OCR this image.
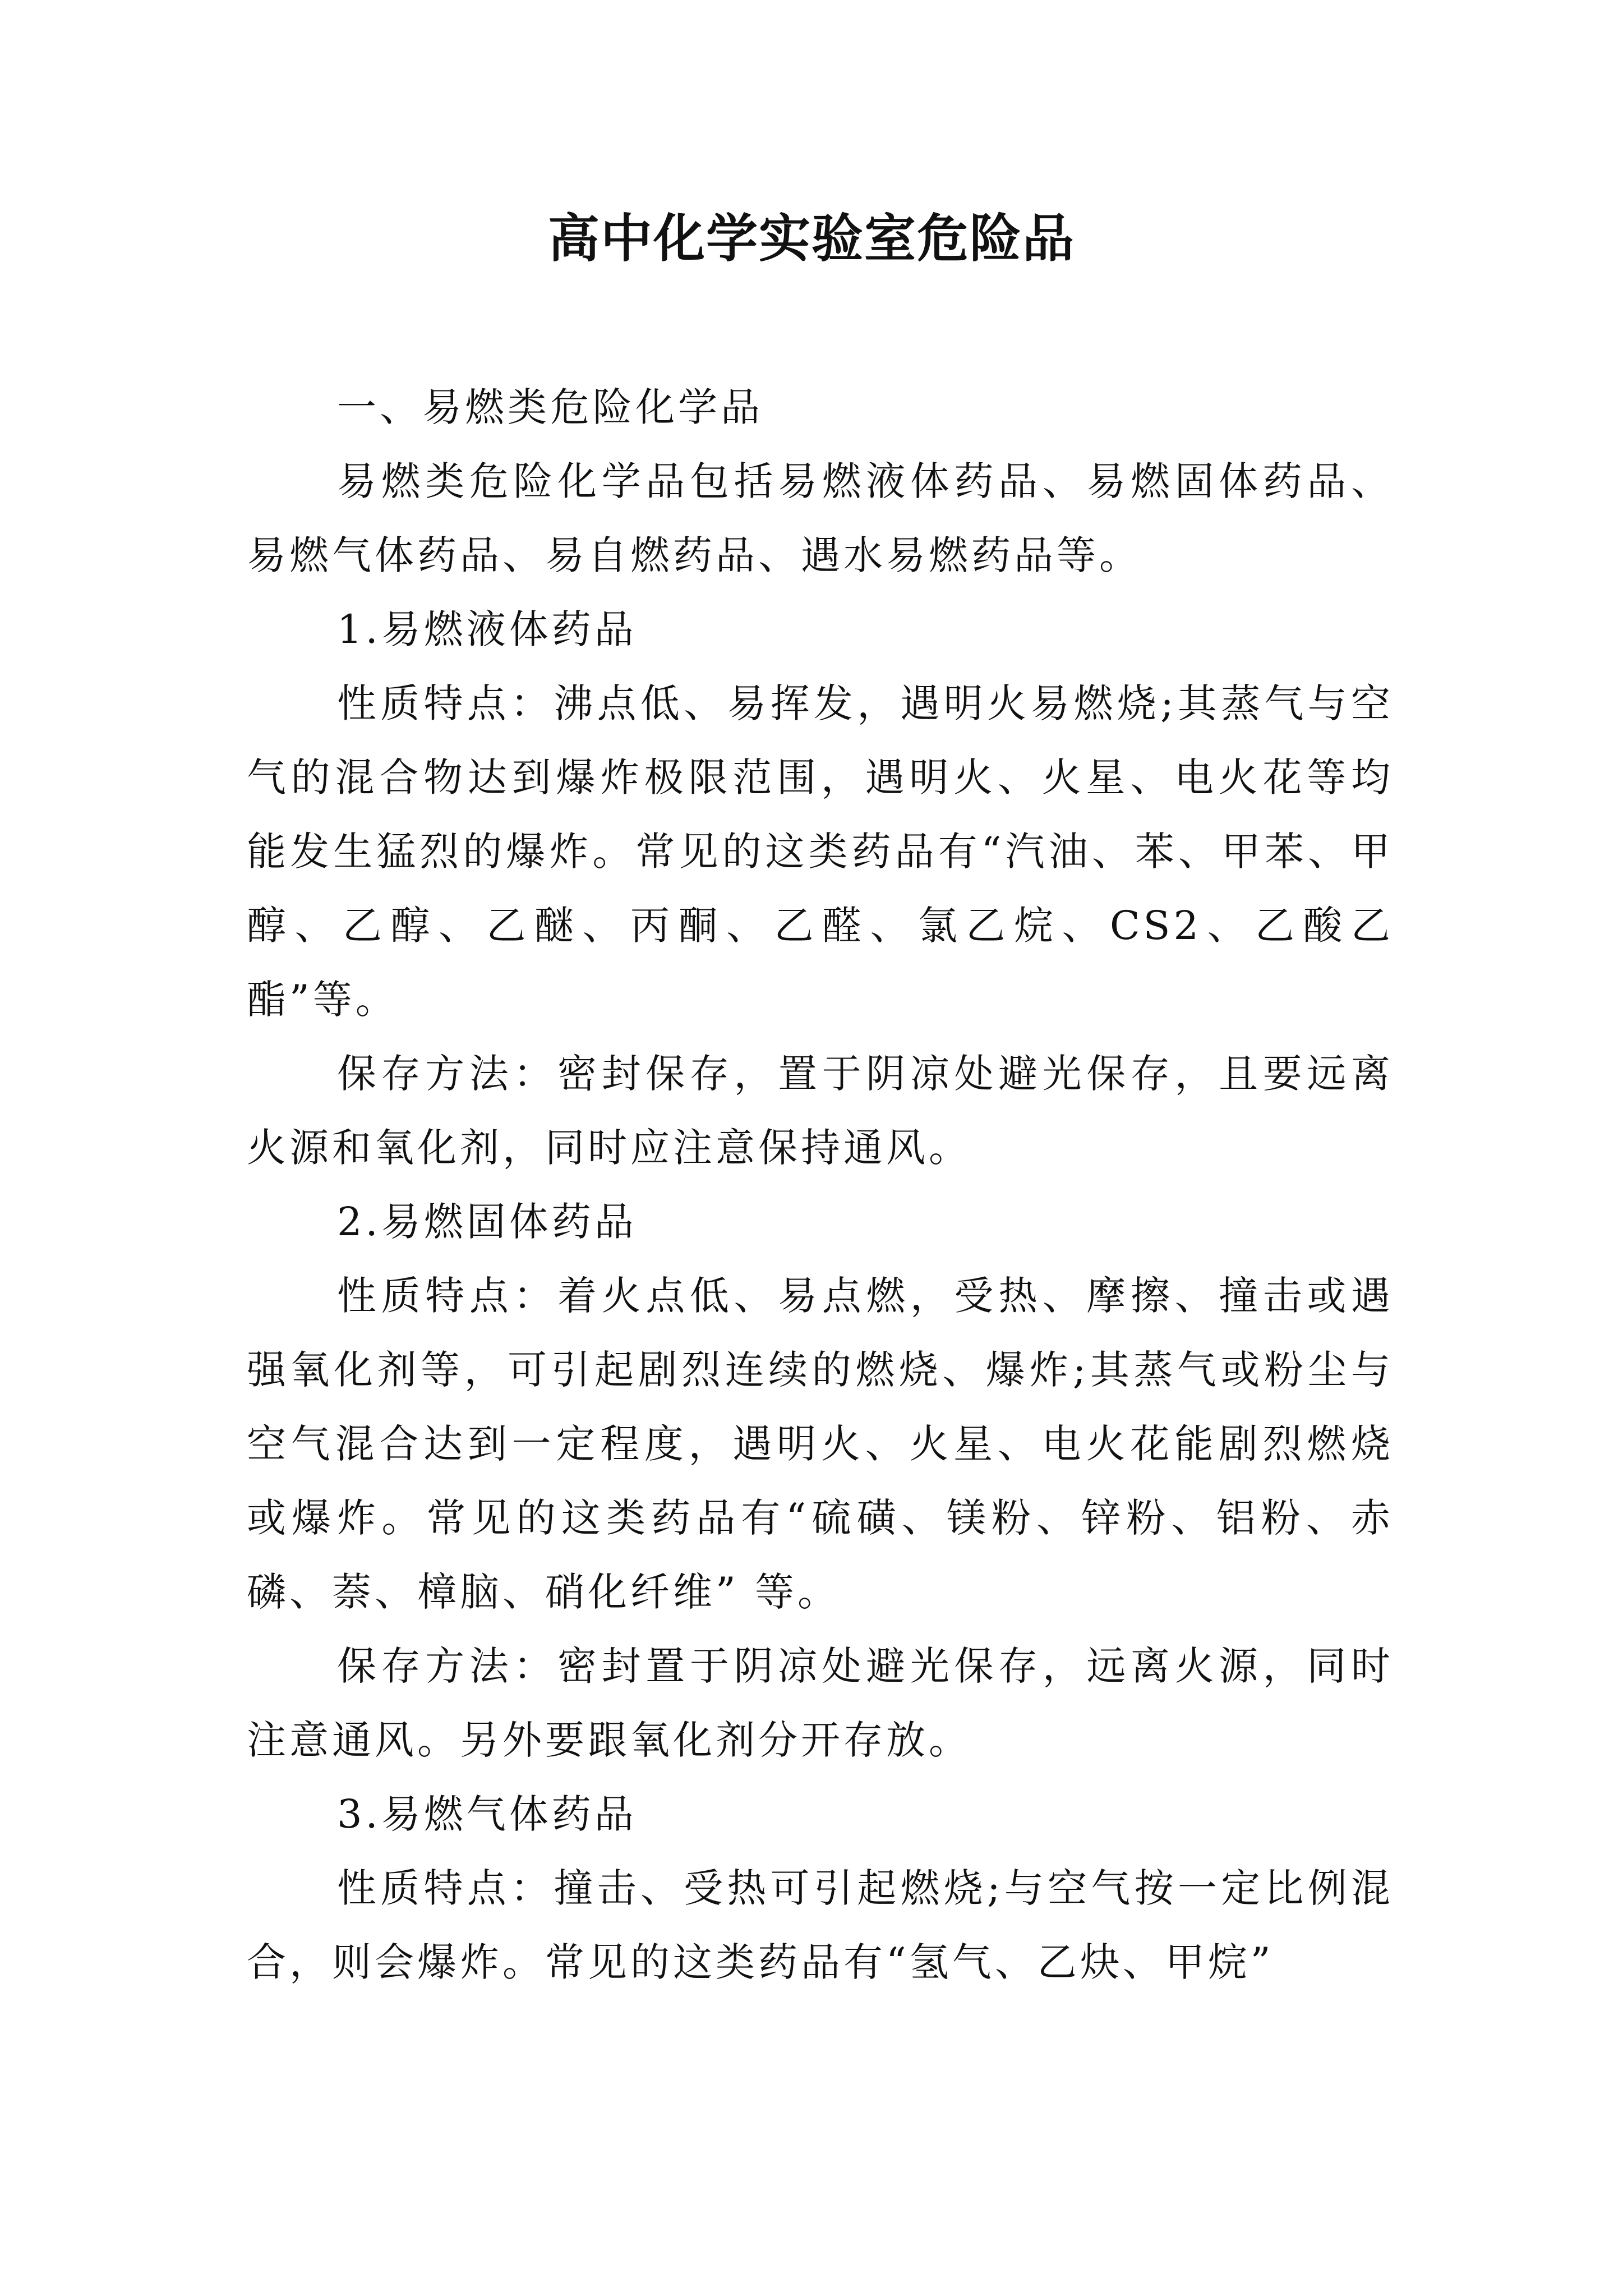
高中化学实验室危险品

一、易燃类危险化学品

易燃类危险化学品包括易燃液体药品、易燃固体药品、易燃气体药品、易自燃药品、遇水易燃药品等。

1.易燃液体药品

性质特点：沸点低、易挥发，遇明火易燃烧;其蒸气与空气的混合物达到爆炸极限范围，遇明火、火星、电火花等均能发生猛烈的爆炸。常见的这类药品有“汽油、苯、甲苯、甲醇、乙醇、乙醚、丙酮、乙醛、氯乙烷、CS2、乙酸乙酯”等。

保存方法：密封保存，置于阴凉处避光保存，且要远离火源和氧化剂，同时应注意保持通风。

2.易燃固体药品

性质特点：着火点低、易点燃，受热、摩擦、撞击或遇强氧化剂等，可引起剧烈连续的燃烧、爆炸;其蒸气或粉尘与空气混合达到一定程度，遇明火、火星、电火花能剧烈燃烧或爆炸。常见的这类药品有“硫磺、镁粉、锌粉、铝粉、赤磷、萘、樟脑、硝化纤维” 等。

保存方法：密封置于阴凉处避光保存，远离火源，同时注意通风。另外要跟氧化剂分开存放。

3.易燃气体药品

性质特点：撞击、受热可引起燃烧;与空气按一定比例混合，则会爆炸。常见的这类药品有“氢气、乙炔、甲烷”
